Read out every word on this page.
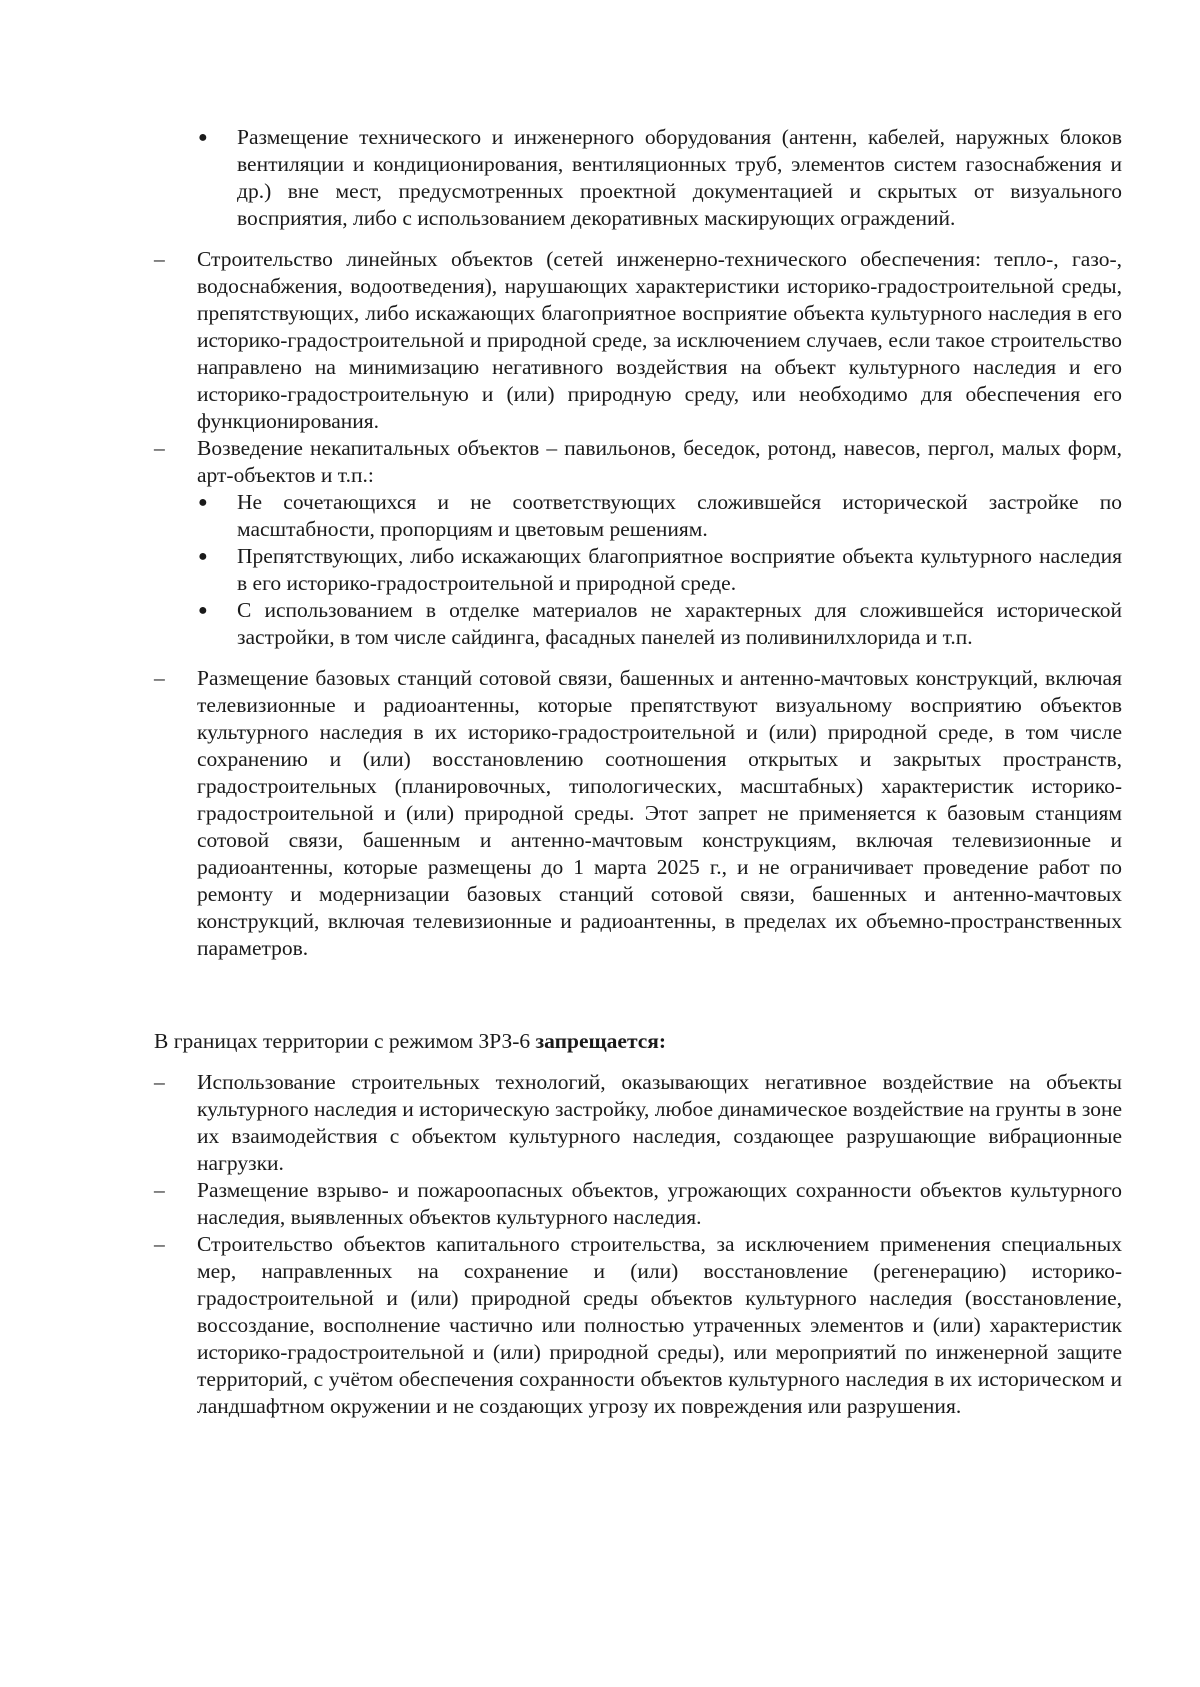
● Размещение технического и инженерного оборудования (антенн, кабелей, наружных блоков вентиляции и кондиционирования, вентиляционных труб, элементов систем газоснабжения и др.) вне мест, предусмотренных проектной документацией и скрытых от визуального восприятия, либо с использованием декоративных маскирующих ограждений.

– Строительство линейных объектов (сетей инженерно-технического обеспечения: тепло-, газо-, водоснабжения, водоотведения), нарушающих характеристики историко-градостроительной среды, препятствующих, либо искажающих благоприятное восприятие объекта культурного наследия в его историко-градостроительной и природной среде, за исключением случаев, если такое строительство направлено на минимизацию негативного воздействия на объект культурного наследия и его историко-градостроительную и (или) природную среду, или необходимо для обеспечения его функционирования.

– Возведение некапитальных объектов – павильонов, беседок, ротонд, навесов, пергол, малых форм, арт-объектов и т.п.:

● Не сочетающихся и не соответствующих сложившейся исторической застройке по масштабности, пропорциям и цветовым решениям.

● Препятствующих, либо искажающих благоприятное восприятие объекта культурного наследия в его историко-градостроительной и природной среде.

● С использованием в отделке материалов не характерных для сложившейся исторической застройки, в том числе сайдинга, фасадных панелей из поливинилхлорида и т.п.

– Размещение базовых станций сотовой связи, башенных и антенно-мачтовых конструкций, включая телевизионные и радиоантенны, которые препятствуют визуальному восприятию объектов культурного наследия в их историко-градостроительной и (или) природной среде, в том числе сохранению и (или) восстановлению соотношения открытых и закрытых пространств, градостроительных (планировочных, типологических, масштабных) характеристик историко-градостроительной и (или) природной среды. Этот запрет не применяется к базовым станциям сотовой связи, башенным и антенно-мачтовым конструкциям, включая телевизионные и радиоантенны, которые размещены до 1 марта 2025 г., и не ограничивает проведение работ по ремонту и модернизации базовых станций сотовой связи, башенных и антенно-мачтовых конструкций, включая телевизионные и радиоантенны, в пределах их объемно-пространственных параметров.

В границах территории с режимом ЗРЗ-6 запрещается:

– Использование строительных технологий, оказывающих негативное воздействие на объекты культурного наследия и историческую застройку, любое динамическое воздействие на грунты в зоне их взаимодействия с объектом культурного наследия, создающее разрушающие вибрационные нагрузки.

– Размещение взрыво- и пожароопасных объектов, угрожающих сохранности объектов культурного наследия, выявленных объектов культурного наследия.

– Строительство объектов капитального строительства, за исключением применения специальных мер, направленных на сохранение и (или) восстановление (регенерацию) историко-градостроительной и (или) природной среды объектов культурного наследия (восстановление, воссоздание, восполнение частично или полностью утраченных элементов и (или) характеристик историко-градостроительной и (или) природной среды), или мероприятий по инженерной защите территорий, с учётом обеспечения сохранности объектов культурного наследия в их историческом и ландшафтном окружении и не создающих угрозу их повреждения или разрушения.
